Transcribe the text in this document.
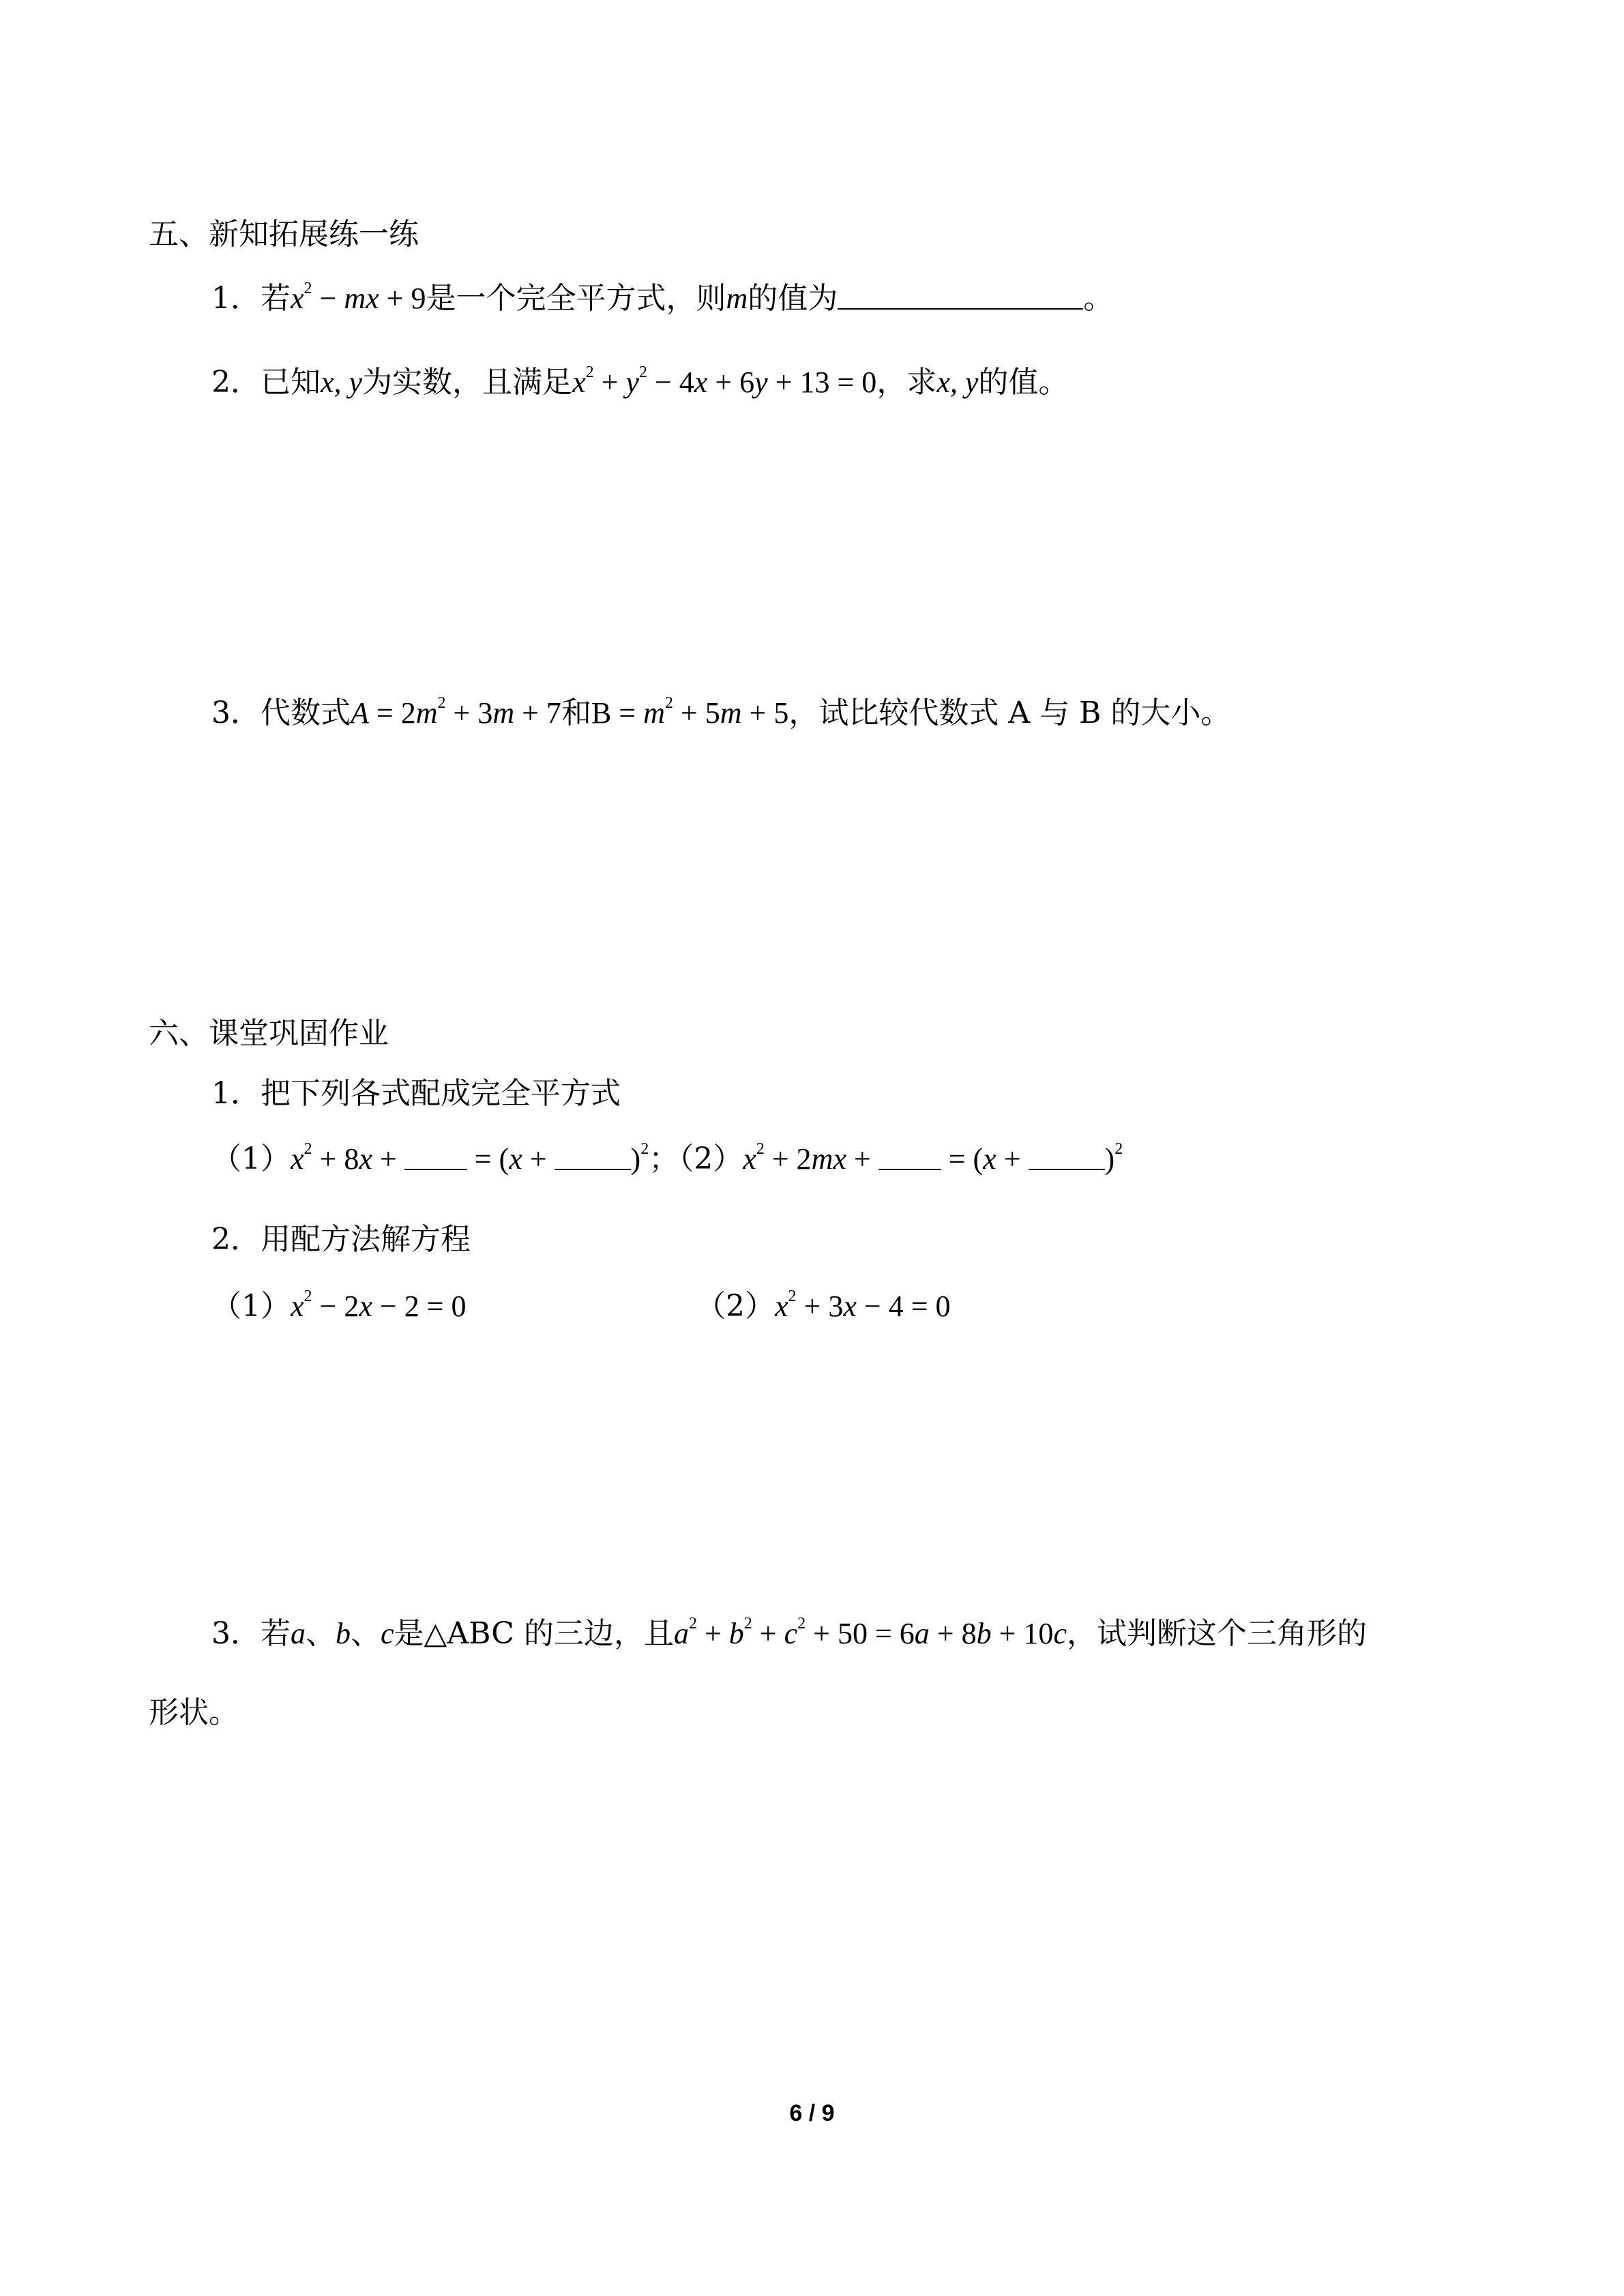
五、新知拓展练一练
1．若$x^2$ − mx + 9是一个完全平方式，则m的值为	。
2．已知x, y为实数，且满足$x^2 + y^2 - 4x + 6y + 13 = 0$，求x, y的值。
3．代数式$A = 2m^2 + 3m + 7$和$B = m^2 + 5m + 5$，试比较代数式 A 与 B 的大小。
六、课堂巩固作业
1．把下列各式配成完全平方式
$(1)x^2 + 8x$ +  = (x +	)$^2$；$(2)x^2 + 2mx$ +  = (x +	)$^2$
2．用配方法解方程
$(1)x^2 - 2x - 2 = 0$	$(2)x^2 + 3x - 4 = 0$
3．若a、b、c是△ABC 的三边，且$a^2 + b^2 + c^2 + 50 = 6a + 8b + 10c$，试判断这个三角形的
形状。
6 / 9
